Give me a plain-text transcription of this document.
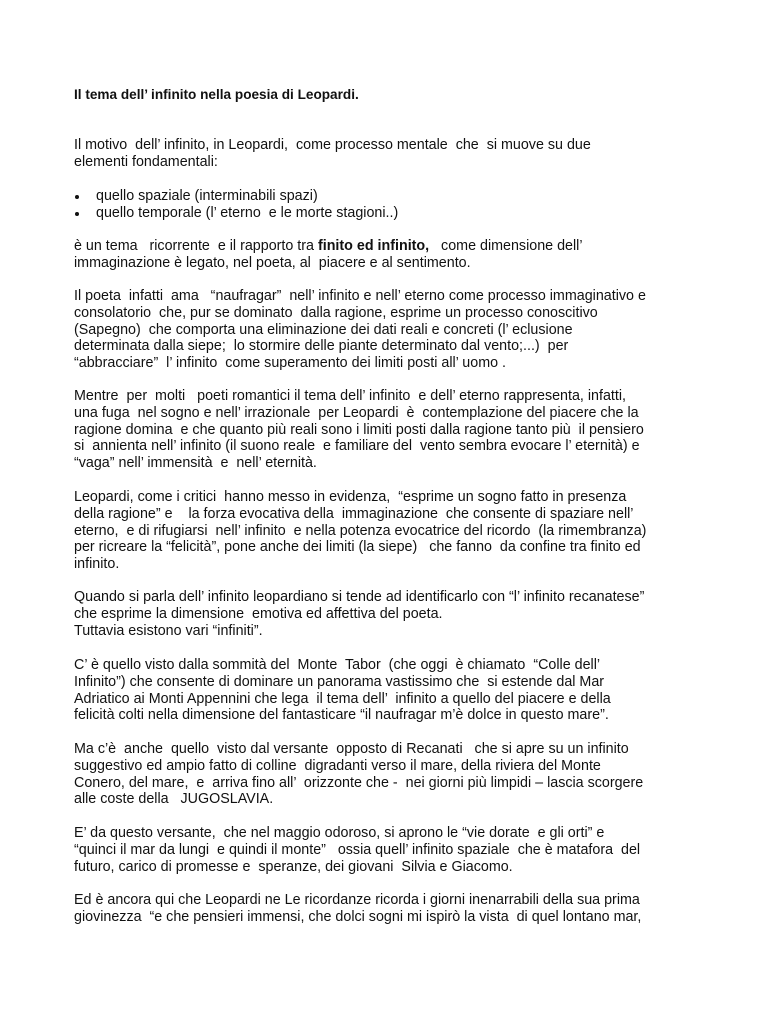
Il tema dell’ infinito nella poesia di Leopardi.
Il motivo  dell’ infinito, in Leopardi,  come processo mentale  che  si muove su due
elementi fondamentali:
quello spaziale (interminabili spazi)
quello temporale (l’ eterno  e le morte stagioni..)
è un tema   ricorrente  e il rapporto tra finito ed infinito,   come dimensione dell’
immaginazione è legato, nel poeta, al  piacere e al sentimento.
Il poeta  infatti  ama   “naufragar”  nell’ infinito e nell’ eterno come processo immaginativo e
consolatorio  che, pur se dominato  dalla ragione, esprime un processo conoscitivo
(Sapegno)  che comporta una eliminazione dei dati reali e concreti (l’ eclusione
determinata dalla siepe;  lo stormire delle piante determinato dal vento;...)  per
“abbracciare”  l’ infinito  come superamento dei limiti posti all’ uomo .
Mentre  per  molti   poeti romantici il tema dell’ infinito  e dell’ eterno rappresenta, infatti,
una fuga  nel sogno e nell’ irrazionale  per Leopardi  è  contemplazione del piacere che la
ragione domina  e che quanto più reali sono i limiti posti dalla ragione tanto più  il pensiero
si  annienta nell’ infinito (il suono reale  e familiare del  vento sembra evocare l’ eternità) e
“vaga” nell’ immensità  e  nell’ eternità.
Leopardi, come i critici  hanno messo in evidenza,  “esprime un sogno fatto in presenza
della ragione” e    la forza evocativa della  immaginazione  che consente di spaziare nell’
eterno,  e di rifugiarsi  nell’ infinito  e nella potenza evocatrice del ricordo  (la rimembranza)
per ricreare la “felicità”, pone anche dei limiti (la siepe)   che fanno  da confine tra finito ed
infinito.
Quando si parla dell’ infinito leopardiano si tende ad identificarlo con “l’ infinito recanatese”
che esprime la dimensione  emotiva ed affettiva del poeta.
Tuttavia esistono vari “infiniti”.
C’ è quello visto dalla sommità del  Monte  Tabor  (che oggi  è chiamato  “Colle dell’
Infinito”) che consente di dominare un panorama vastissimo che  si estende dal Mar
Adriatico ai Monti Appennini che lega  il tema dell’  infinito a quello del piacere e della
felicità colti nella dimensione del fantasticare “il naufragar m’è dolce in questo mare”.
Ma c’è  anche  quello  visto dal versante  opposto di Recanati   che si apre su un infinito
suggestivo ed ampio fatto di colline  digradanti verso il mare, della riviera del Monte
Conero, del mare,  e  arriva fino all’  orizzonte che -  nei giorni più limpidi – lascia scorgere
alle coste della   JUGOSLAVIA.
E’ da questo versante,  che nel maggio odoroso, si aprono le “vie dorate  e gli orti” e
“quinci il mar da lungi  e quindi il monte”   ossia quell’ infinito spaziale  che è matafora  del
futuro, carico di promesse e  speranze, dei giovani  Silvia e Giacomo.
Ed è ancora qui che Leopardi ne Le ricordanze ricorda i giorni inenarrabili della sua prima
giovinezza  “e che pensieri immensi, che dolci sogni mi ispirò la vista  di quel lontano mar,
